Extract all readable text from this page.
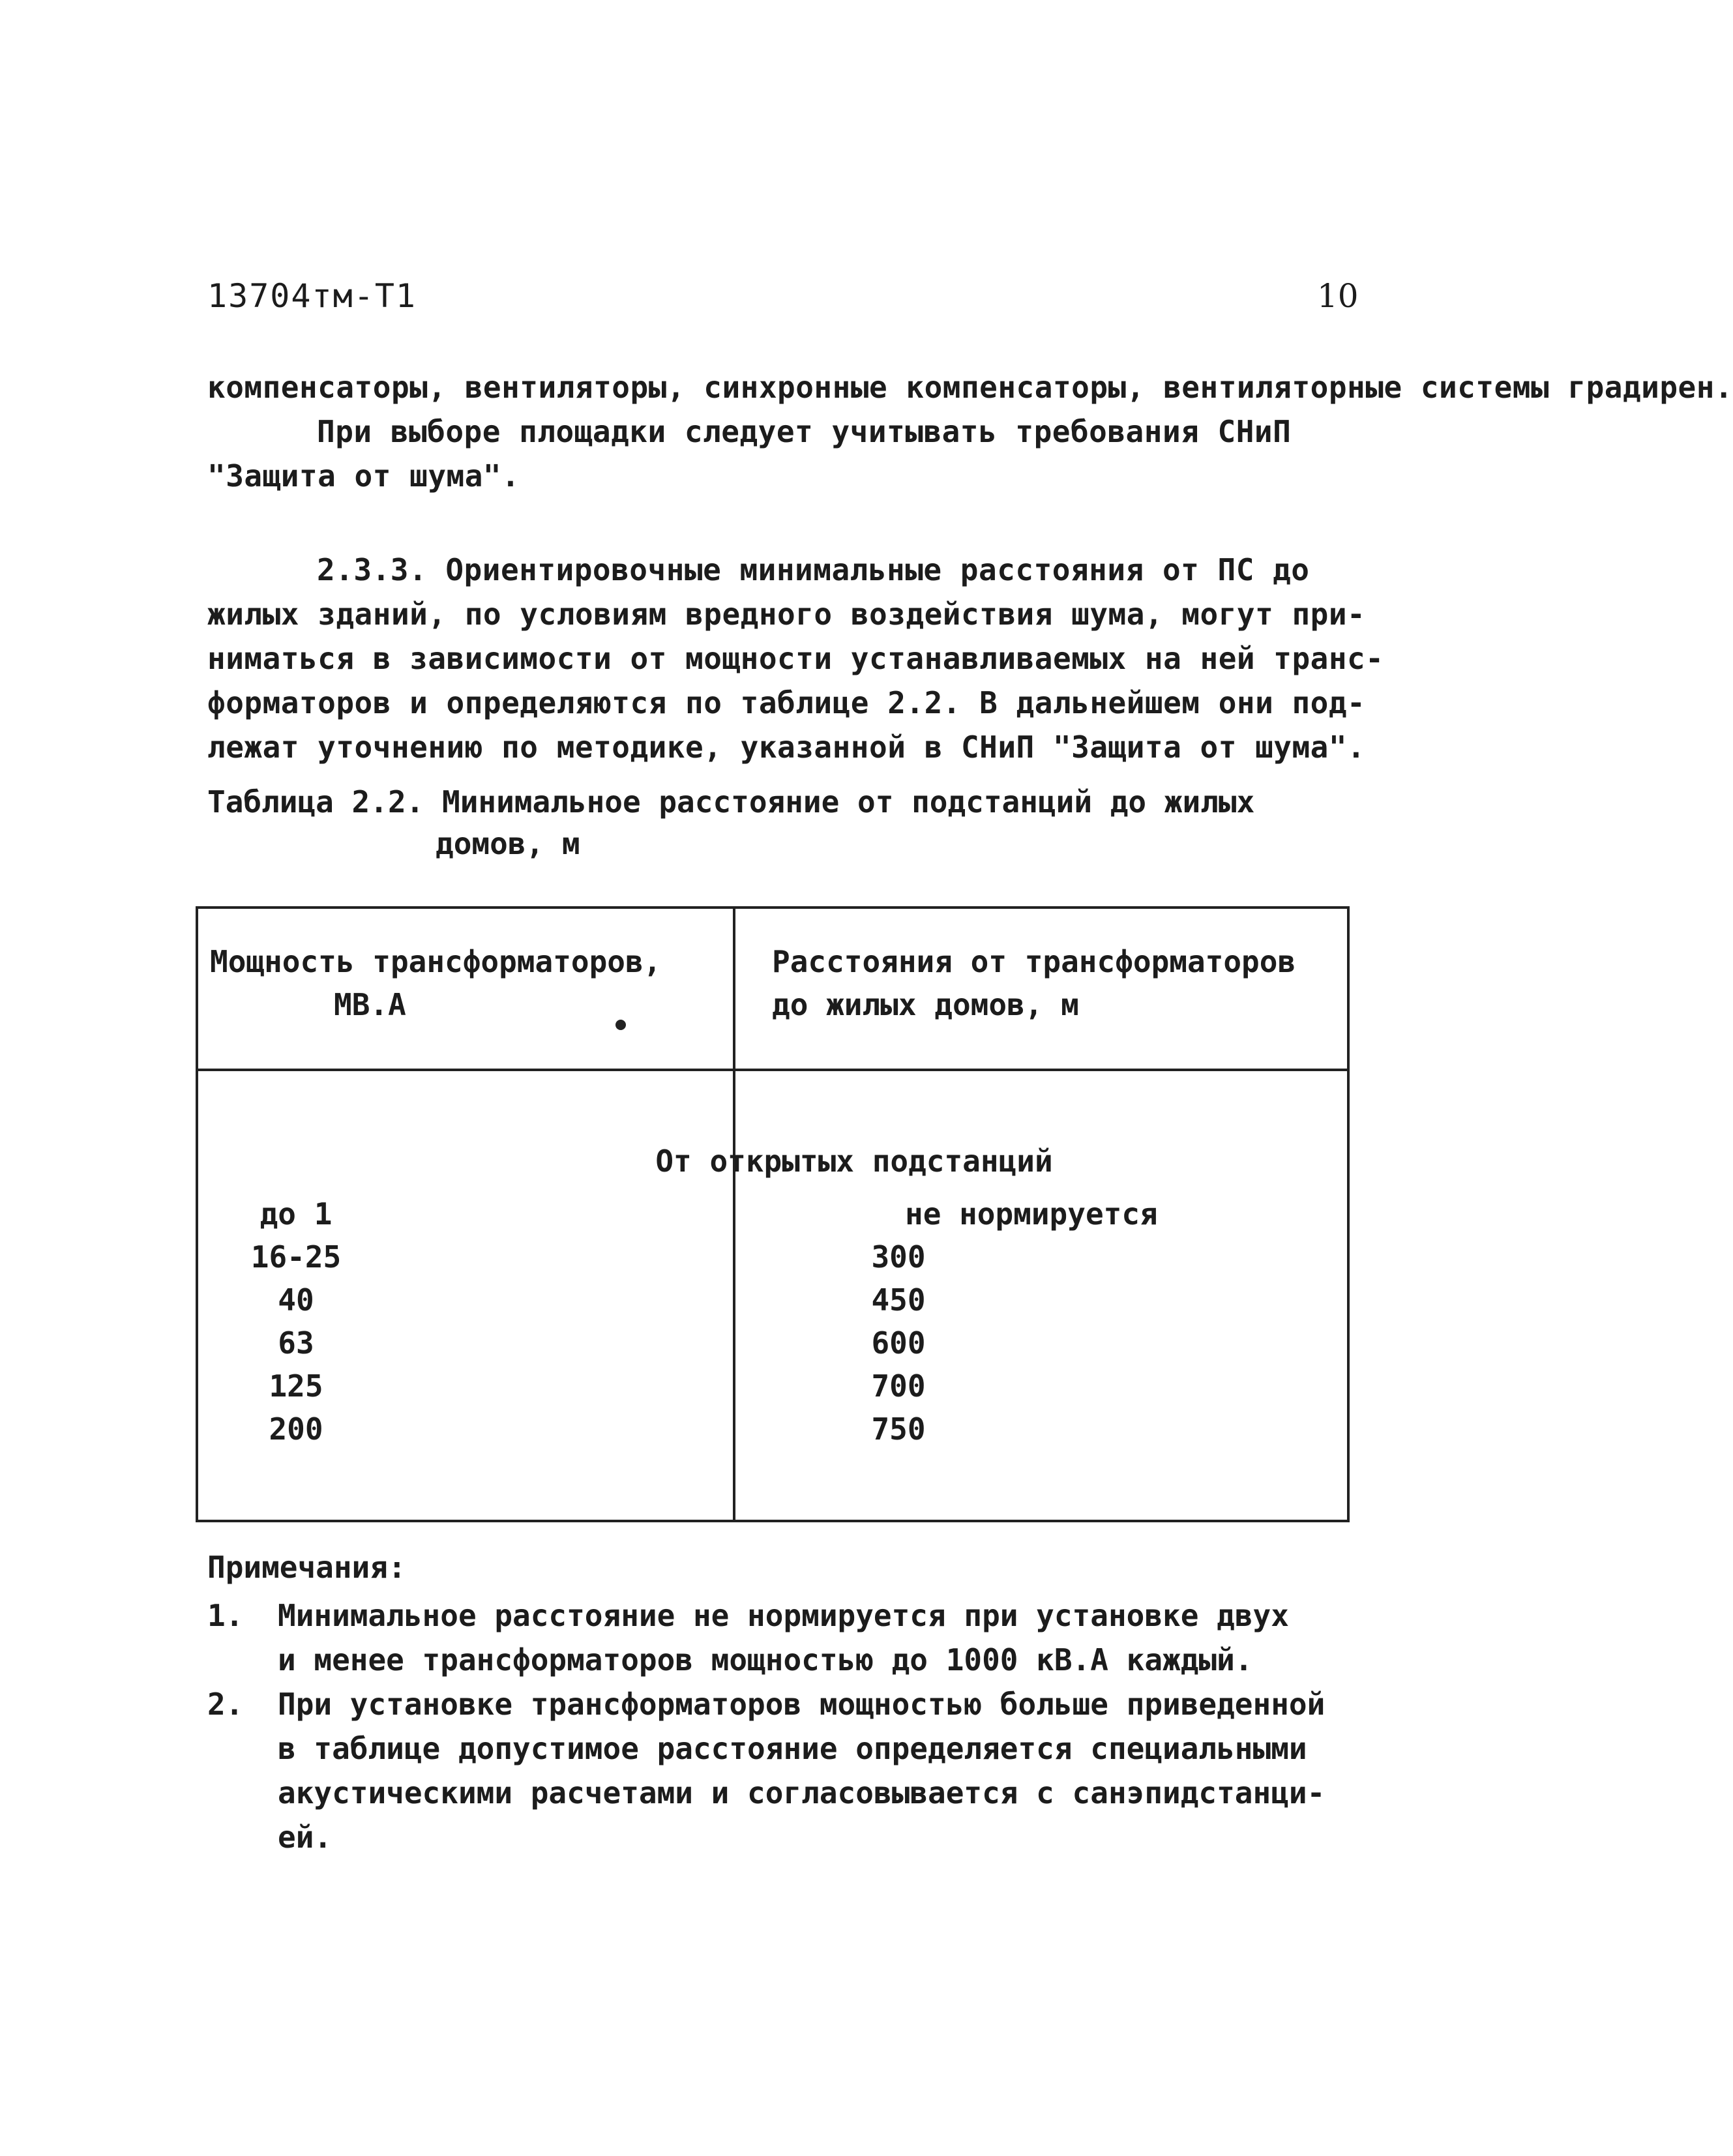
13704тм-Т1	10
компенсаторы, вентиляторы, синхронные компенсаторы, вентиляторные системы градирен.
При выборе площадки следует учитывать требования СНиП
"Защита от шума".
2.3.3. Ориентировочные минимальные расстояния от ПС до
жилых зданий, по условиям вредного воздействия шума, могут при-
ниматься в зависимости от мощности устанавливаемых на ней транс-
форматоров и определяются по таблице 2.2. В дальнейшем они под-
лежат уточнению по методике, указанной в СНиП "Защита от шума".
Таблица 2.2. Минимальное расстояние от подстанций до жилых
домов, м
Мощность трансформаторов,
МВ.А
Расстояния от трансформаторов
до жилых домов, м
От открытых подстанций
до 1
16-25
40
63
125
200
не нормируется
300
450
600
700
750
Примечания:
1. Минимальное расстояние не нормируется при установке двух
и менее трансформаторов мощностью до 1000 кВ.А каждый.
2. При установке трансформаторов мощностью больше приведенной
в таблице допустимое расстояние определяется специальными
акустическими расчетами и согласовывается с санэпидстанци-
ей.
